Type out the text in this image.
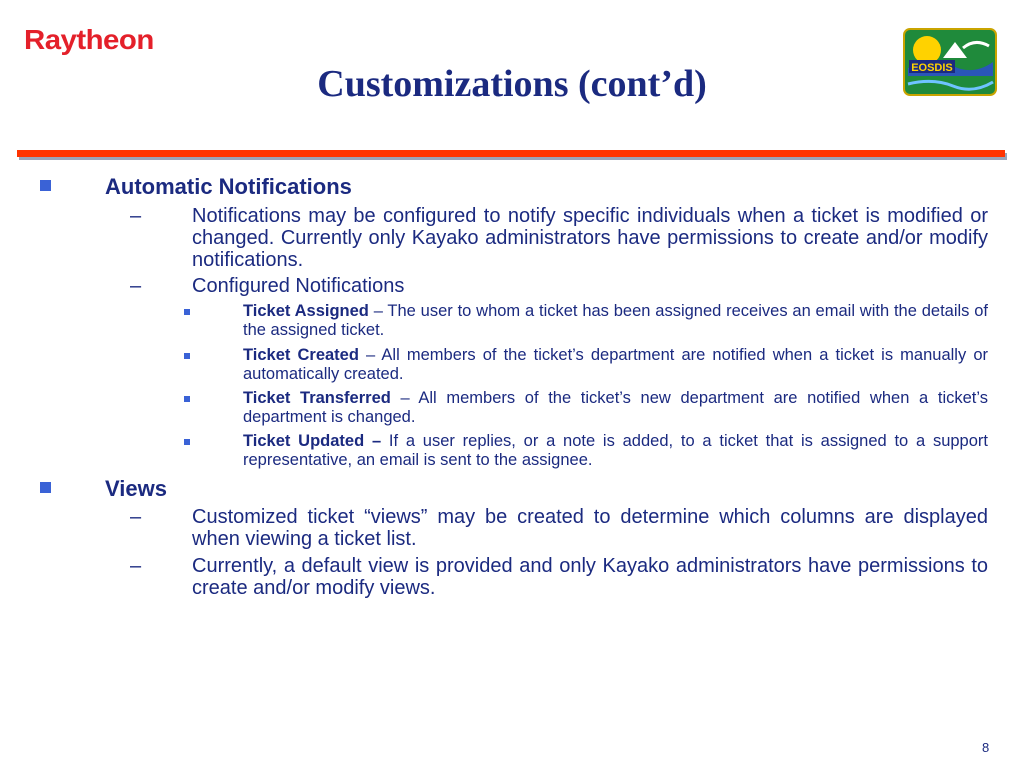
Raytheon
Customizations (cont’d)	EOSDIS
Automatic Notifications
–	Notifications may be configured to notify specific individuals when a ticket is modified or changed. Currently only Kayako administrators have permissions to create and/or modify notifications.
–	Configured Notifications
Ticket Assigned – The user to whom a ticket has been assigned receives an email with the details of the assigned ticket.
Ticket Created – All members of the ticket’s department are notified when a ticket is manually or automatically created.
Ticket Transferred – All members of the ticket’s new department are notified when a ticket’s department is changed.
Ticket Updated – If a user replies, or a note is added, to a ticket that is assigned to a support representative, an email is sent to the assignee.
Views
–	Customized ticket “views” may be created to determine which columns are displayed when viewing a ticket list.
–	Currently, a default view is provided and only Kayako administrators have permissions to create and/or modify views.
8
